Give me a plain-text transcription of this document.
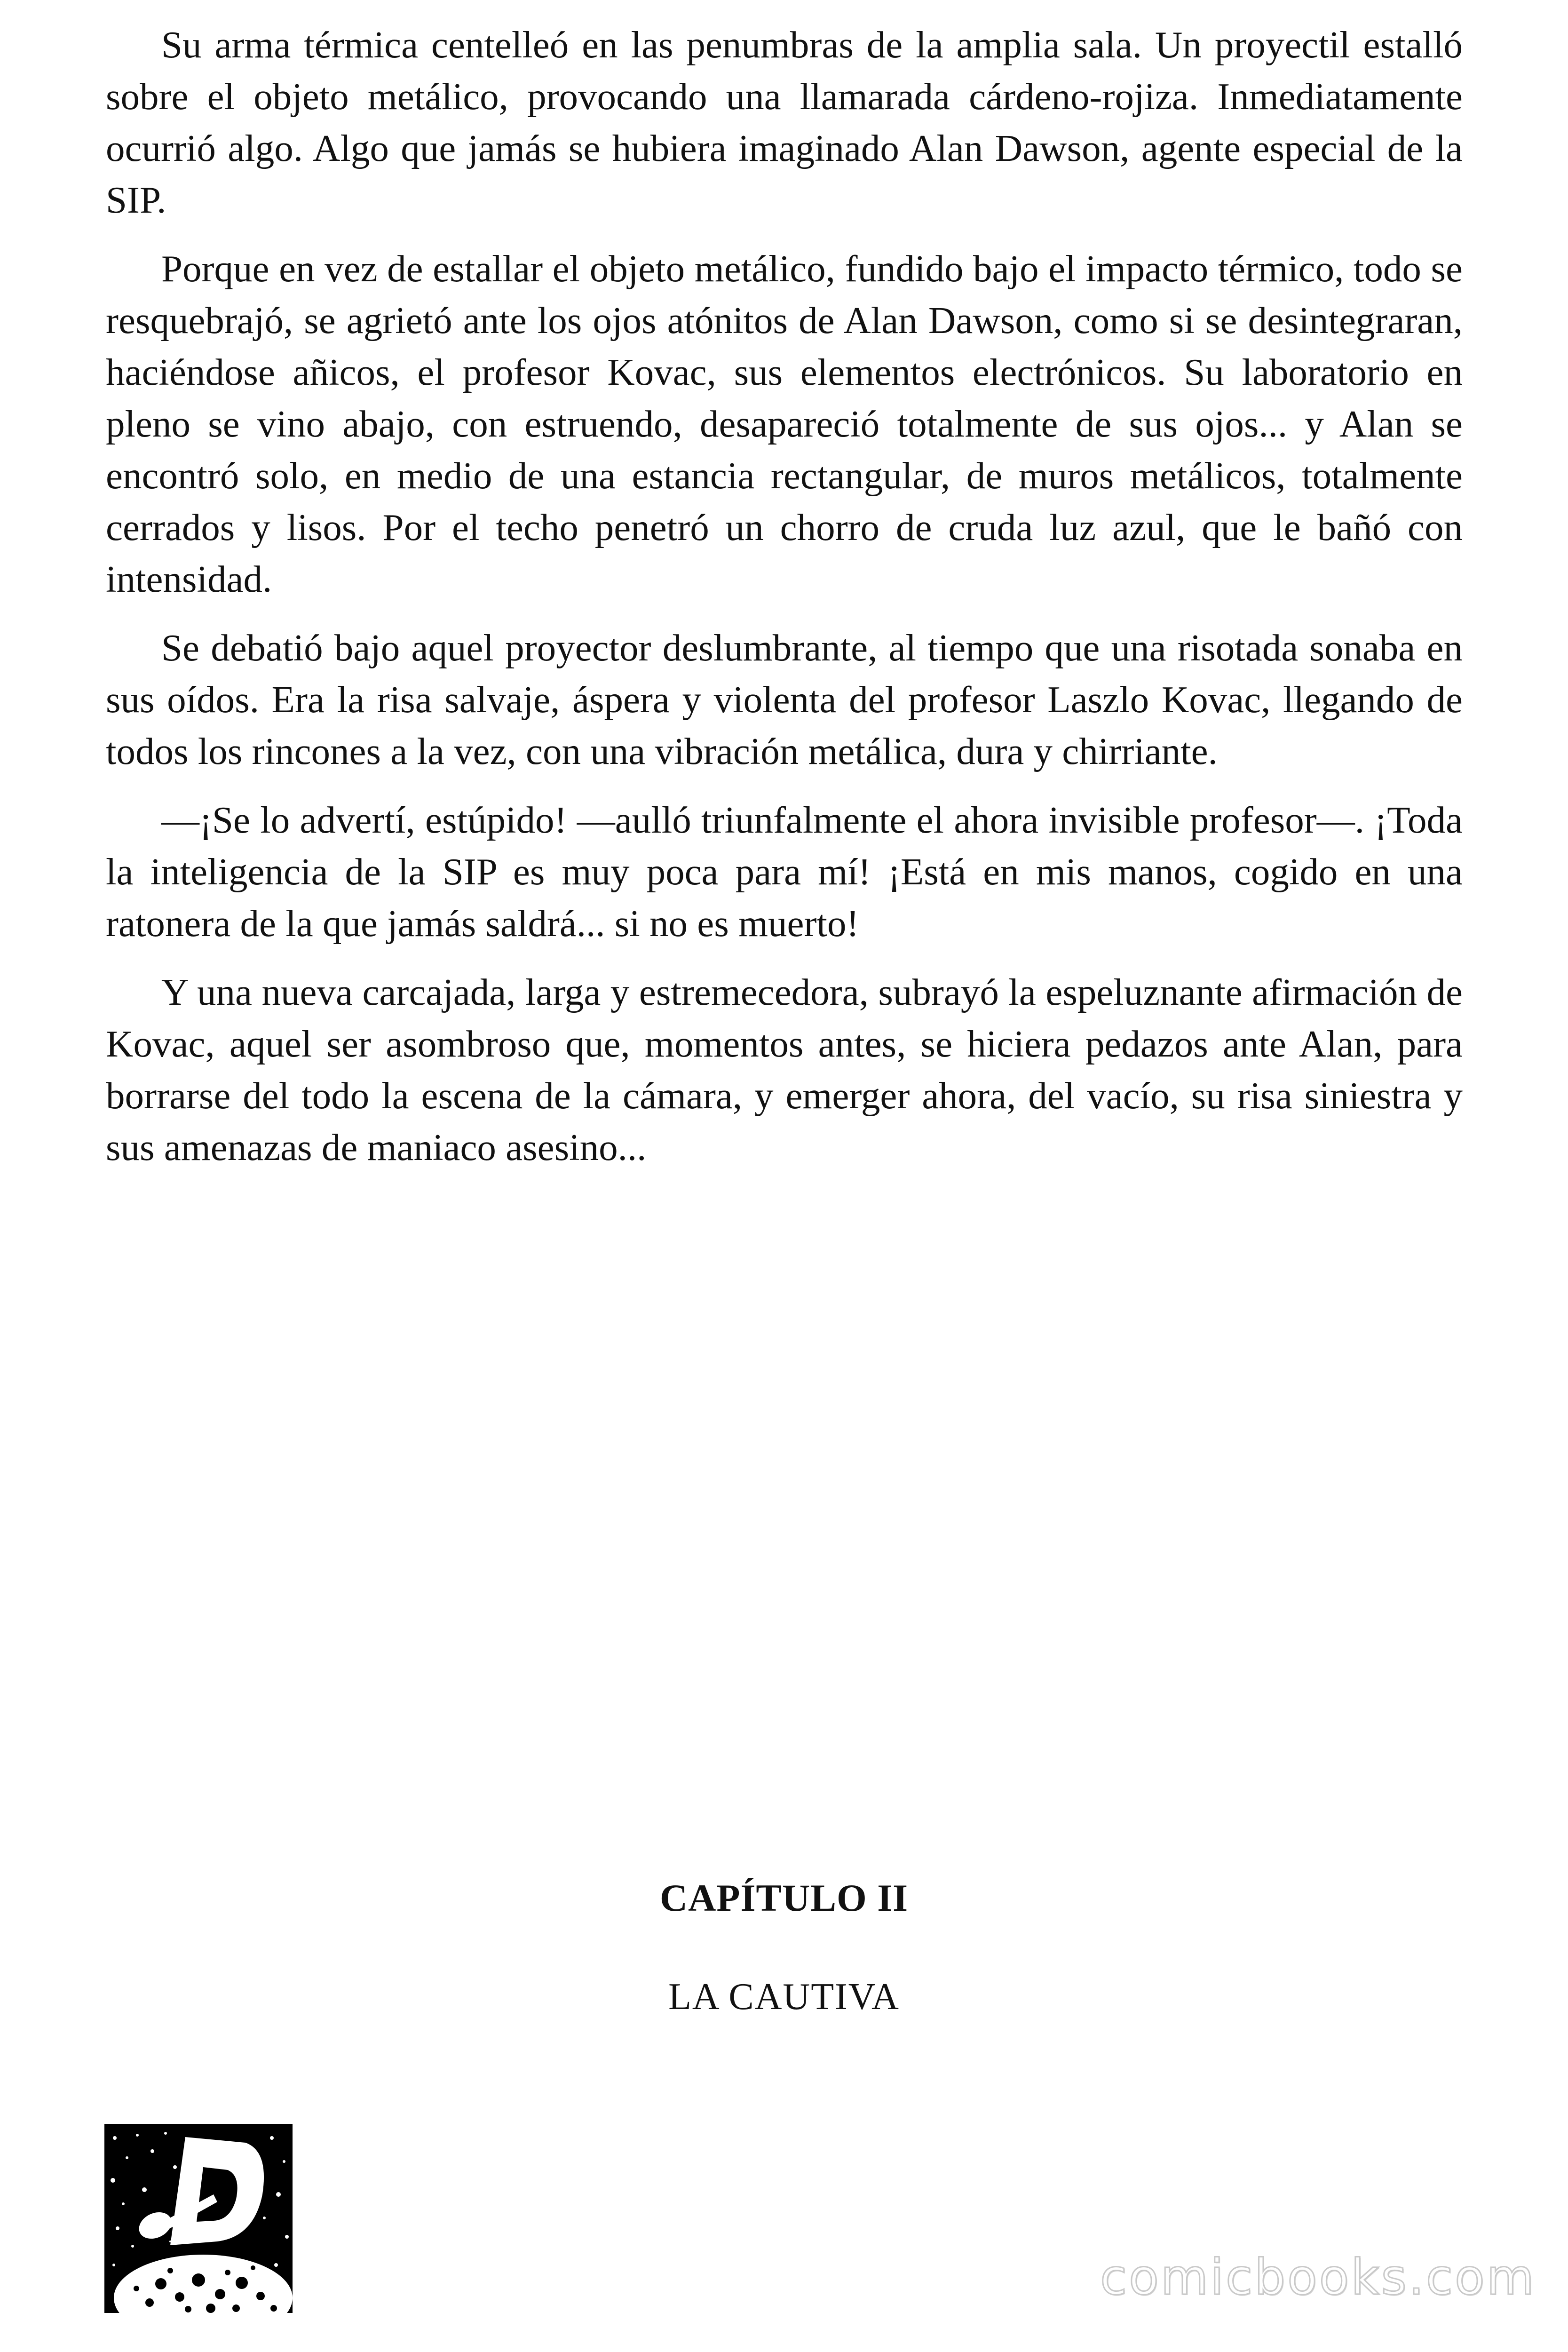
Su arma térmica centelleó en las penumbras de la amplia sala. Un proyectil estalló sobre el objeto metálico, provocando una llamarada cárdeno-rojiza. Inmediatamente ocurrió algo. Algo que jamás se hubiera imaginado Alan Dawson, agente especial de la SIP.

Porque en vez de estallar el objeto metálico, fundido bajo el impacto térmico, todo se resquebrajó, se agrietó ante los ojos atónitos de Alan Dawson, como si se desintegraran, haciéndose añicos, el profesor Kovac, sus elementos electrónicos. Su laboratorio en pleno se vino abajo, con estruendo, desapareció totalmente de sus ojos... y Alan se encontró solo, en medio de una estancia rectangular, de muros metálicos, totalmente cerrados y lisos. Por el techo penetró un chorro de cruda luz azul, que le bañó con intensidad.

Se debatió bajo aquel proyector deslumbrante, al tiempo que una risotada sonaba en sus oídos. Era la risa salvaje, áspera y violenta del profesor Laszlo Kovac, llegando de todos los rincones a la vez, con una vibración metálica, dura y chirriante.

—¡Se lo advertí, estúpido! —aulló triunfalmente el ahora invisible profesor—. ¡Toda la inteligencia de la SIP es muy poca para mí! ¡Está en mis manos, cogido en una ratonera de la que jamás saldrá... si no es muerto!

Y una nueva carcajada, larga y estremecedora, subrayó la espeluznante afirmación de Kovac, aquel ser asombroso que, momentos antes, se hiciera pedazos ante Alan, para borrarse del todo la escena de la cámara, y emerger ahora, del vacío, su risa siniestra y sus amenazas de maniaco asesino...

CAPÍTULO II
LA CAUTIVA
D
comicbooks.com
